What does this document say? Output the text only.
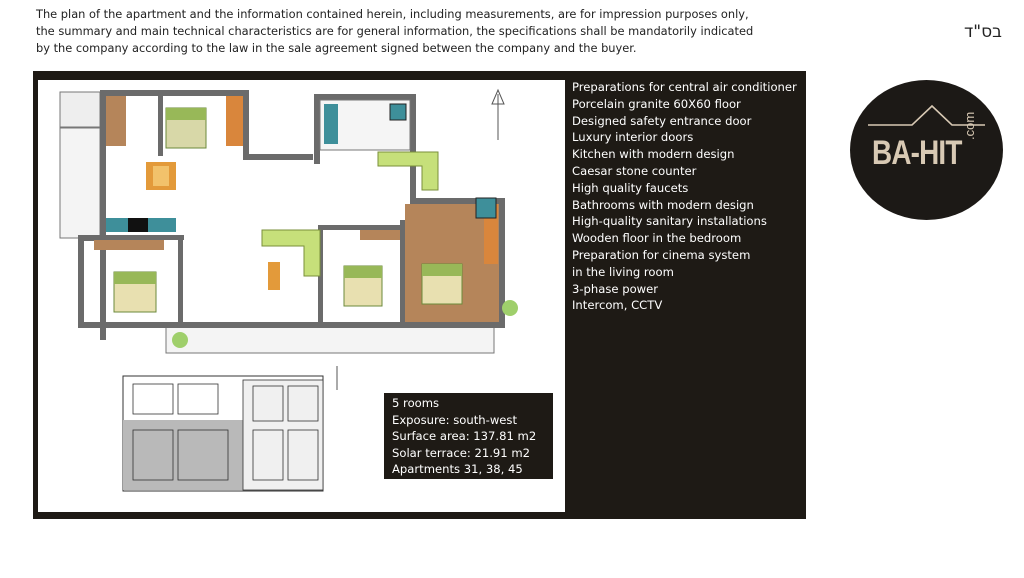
The plan of the apartment and the information contained herein, including measurements, are for impression purposes only,
the summary and main technical characteristics are for general information, the specifications shall be mandatorily indicated
by the company according to the law in the sale agreement signed between the company and the buyer.
בס"ד
5 rooms
Exposure: south-west
Surface area: 137.81 m2
Solar terrace: 21.91 m2
Apartments 31, 38, 45
Preparations for central air conditioner
Porcelain granite 60X60 floor
Designed safety entrance door
Luxury interior doors
Kitchen with modern design
Caesar stone counter
High quality faucets
Bathrooms with modern design
High-quality sanitary installations
Wooden floor in the bedroom
Preparation for cinema system
in the living room
3-phase power
Intercom, CCTV
BA-HIT
.com
